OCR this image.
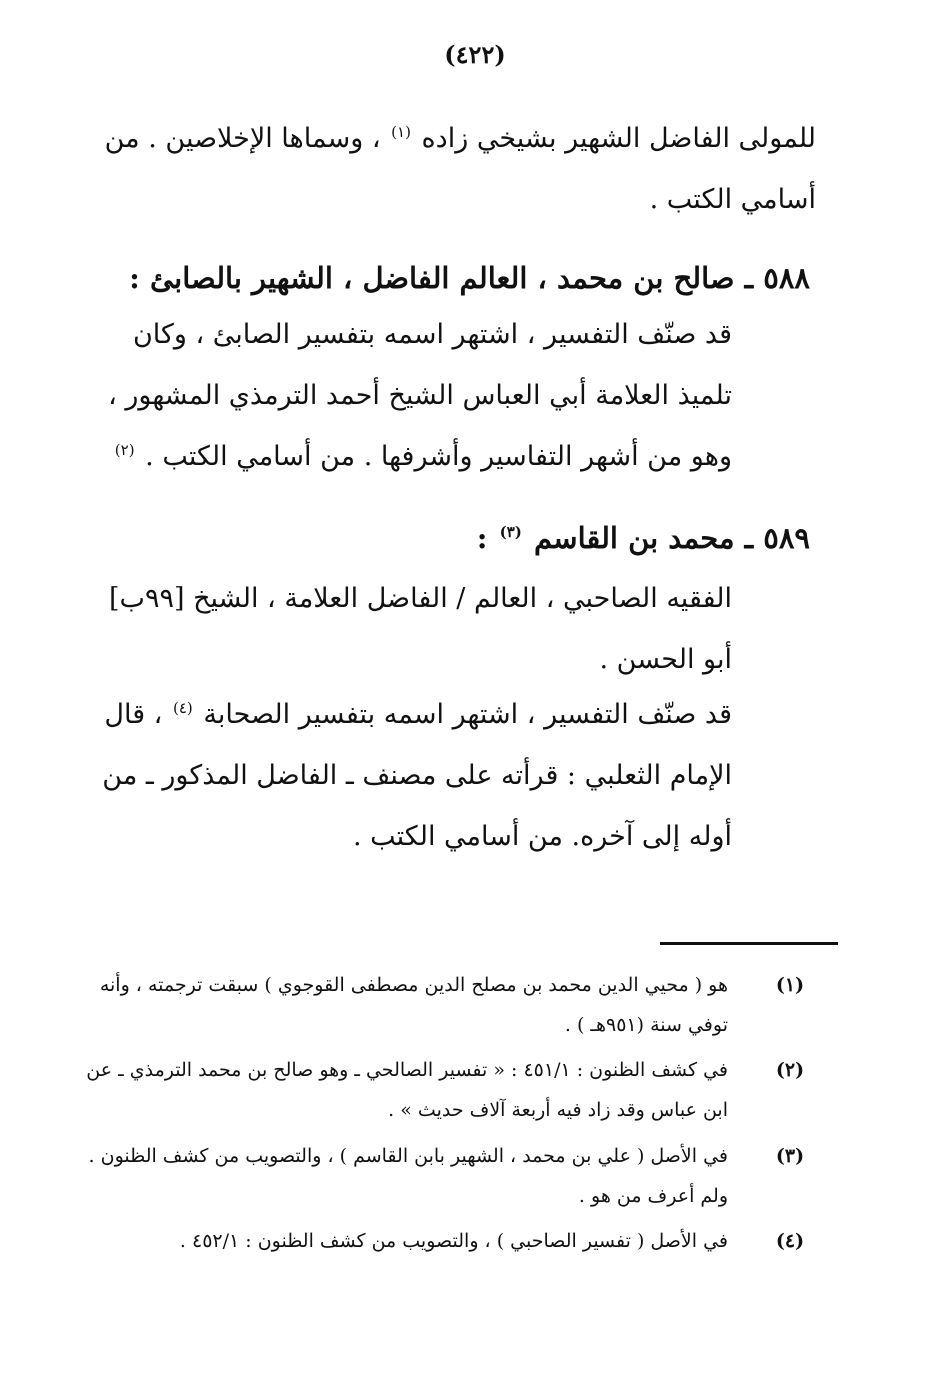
(٤٢٢)
للمولى الفاضل الشهير بشيخي زاده $^{(١)}$ ، وسماها الإخلاصين . من أسامي الكتب .
٥٨٨ ـ صالح بن محمد ، العالم الفاضل ، الشهير بالصابئ :
قد صنّف التفسير ، اشتهر اسمه بتفسير الصابئ ، وكان تلميذ العلامة أبي العباس الشيخ أحمد الترمذي المشهور ، وهو من أشهر التفاسير وأشرفها . من أسامي الكتب . $^{(٢)}$
٥٨٩ ـ محمد بن القاسم $^{(٣)}$ :
الفقيه الصاحبي ، العالم / الفاضل العلامة ، الشيخ [٩٩ب] أبو الحسن .
قد صنّف التفسير ، اشتهر اسمه بتفسير الصحابة $^{(٤)}$ ، قال الإمام الثعلبي : قرأته على مصنف ـ الفاضل المذكور ـ من أوله إلى آخره. من أسامي الكتب .
(١)
هو ( محيي الدين محمد بن مصلح الدين مصطفى القوجوي ) سبقت ترجمته ، وأنه توفي سنة (٩٥١هـ ) .
(٢)
في كشف الظنون : ٤٥١/١ : « تفسير الصالحي ـ وهو صالح بن محمد الترمذي ـ عن ابن عباس وقد زاد فيه أربعة آلاف حديث » .
(٣)
في الأصل ( علي بن محمد ، الشهير بابن القاسم ) ، والتصويب من كشف الظنون . ولم أعرف من هو .
(٤)
في الأصل ( تفسير الصاحبي ) ، والتصويب من كشف الظنون : ٤٥٢/١ .
